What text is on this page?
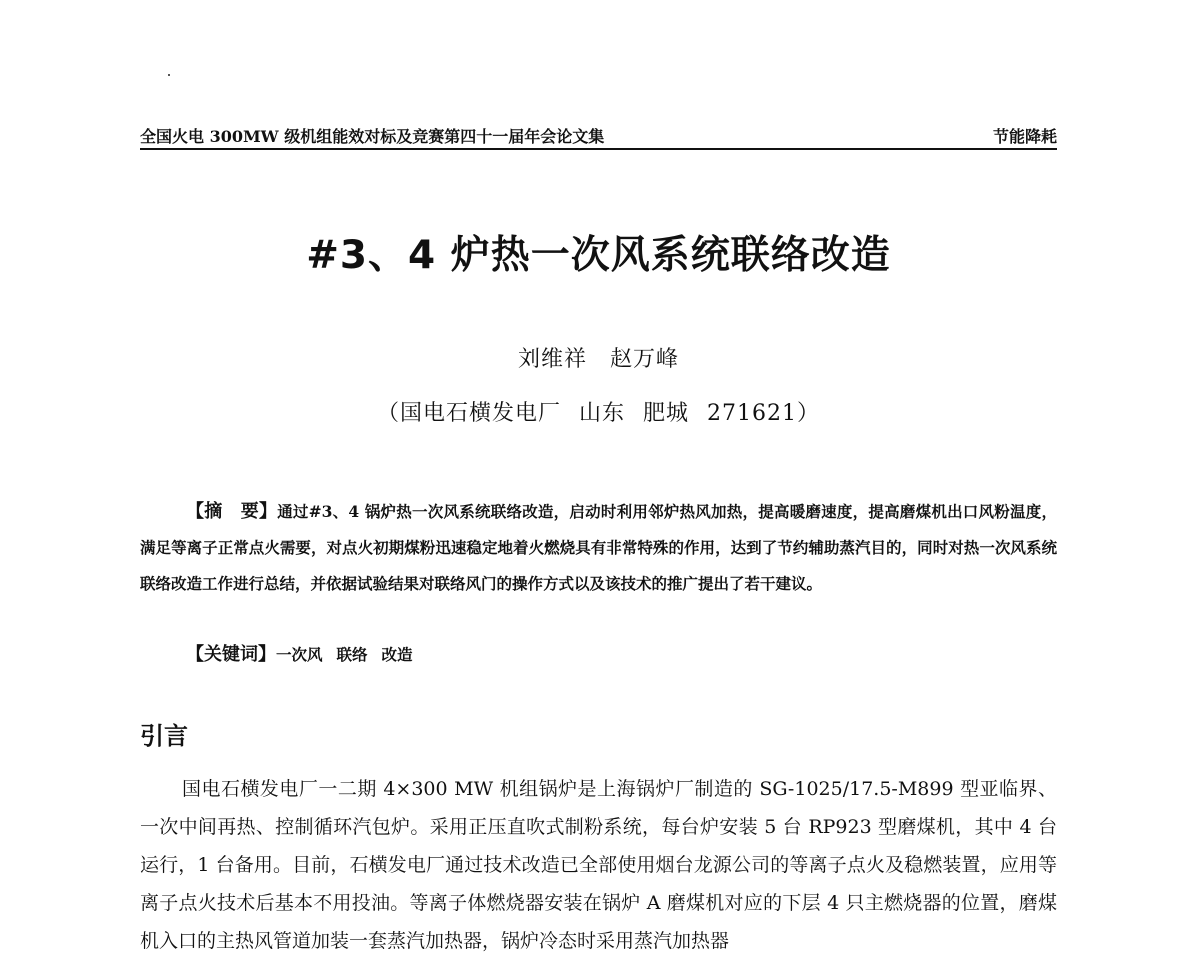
全国火电 300MW 级机组能效对标及竞赛第四十一届年会论文集	节能降耗
#3、4 炉热一次风系统联络改造
刘维祥　赵万峰
（国电石横发电厂 山东 肥城 271621）

【摘　要】通过#3、4 锅炉热一次风系统联络改造，启动时利用邻炉热风加热，提高暖磨速度，提高磨煤机出口风粉温度，满足等离子正常点火需要，对点火初期煤粉迅速稳定地着火燃烧具有非常特殊的作用，达到了节约辅助蒸汽目的，同时对热一次风系统联络改造工作进行总结，并依据试验结果对联络风门的操作方式以及该技术的推广提出了若干建议。

【关键词】一次风 联络 改造
引言

国电石横发电厂一二期 4×300 MW 机组锅炉是上海锅炉厂制造的 SG-1025/17.5-M899 型亚临界、一次中间再热、控制循环汽包炉。采用正压直吹式制粉系统，每台炉安装 5 台 RP923 型磨煤机，其中 4 台运行，1 台备用。目前，石横发电厂通过技术改造已全部使用烟台龙源公司的等离子点火及稳燃装置，应用等离子点火技术后基本不用投油。等离子体燃烧器安装在锅炉 A 磨煤机对应的下层 4 只主燃烧器的位置，磨煤机入口的主热风管道加装一套蒸汽加热器，锅炉冷态时采用蒸汽加热器
